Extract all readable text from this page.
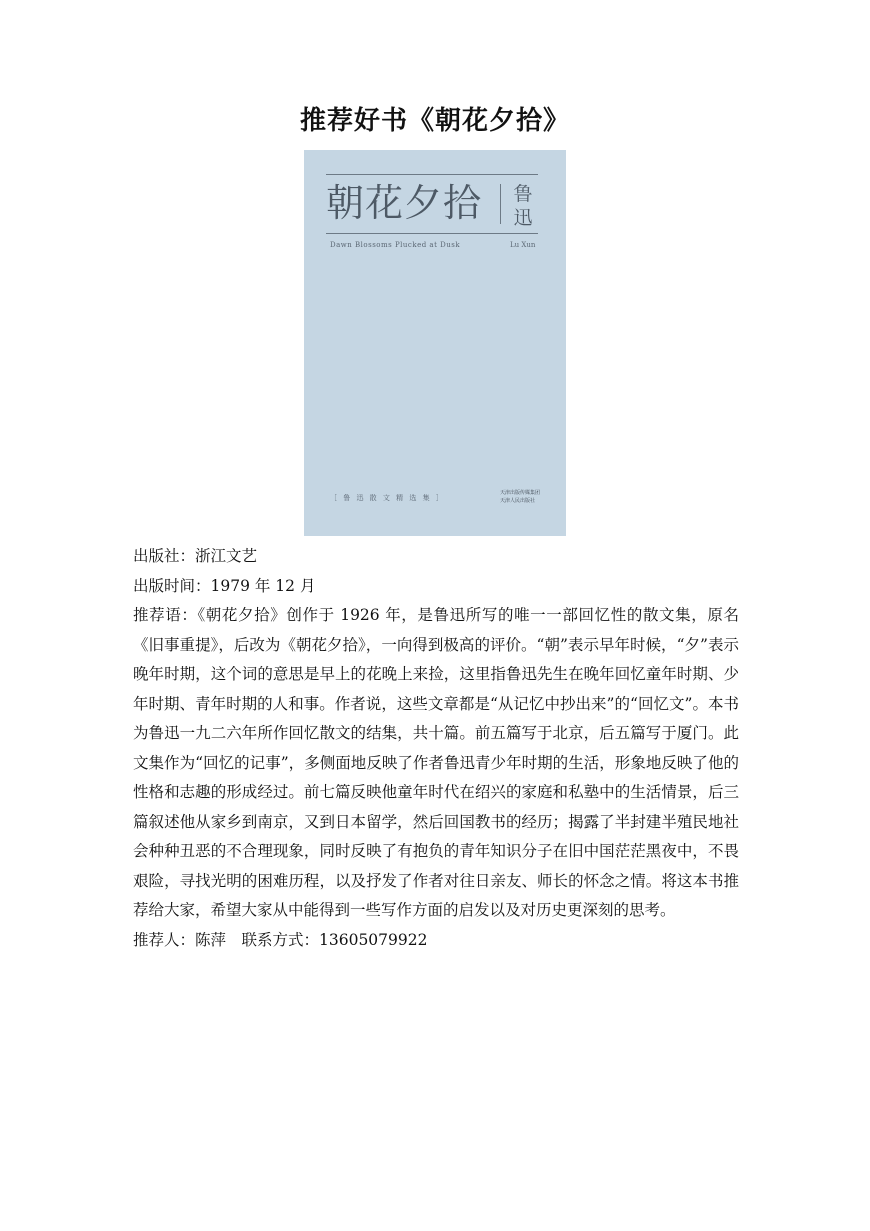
推荐好书《朝花夕拾》
朝花夕拾	鲁迅
Dawn Blossoms Plucked at Dusk	Lu Xun
［ 鲁 迅 散 文 精 选 集 ］
天津出版传媒集团
天津人民出版社
出版社：浙江文艺
出版时间：1979 年 12 月
推荐语：《朝花夕拾》创作于 1926 年，是鲁迅所写的唯一一部回忆性的散文集，原名《旧事重提》，后改为《朝花夕拾》，一向得到极高的评价。“朝”表示早年时候，“夕”表示晚年时期，这个词的意思是早上的花晚上来捡，这里指鲁迅先生在晚年回忆童年时期、少年时期、青年时期的人和事。作者说，这些文章都是“从记忆中抄出来”的“回忆文”。本书为鲁迅一九二六年所作回忆散文的结集，共十篇。前五篇写于北京，后五篇写于厦门。此文集作为“回忆的记事”，多侧面地反映了作者鲁迅青少年时期的生活，形象地反映了他的性格和志趣的形成经过。前七篇反映他童年时代在绍兴的家庭和私塾中的生活情景，后三篇叙述他从家乡到南京，又到日本留学，然后回国教书的经历；揭露了半封建半殖民地社会种种丑恶的不合理现象，同时反映了有抱负的青年知识分子在旧中国茫茫黑夜中，不畏艰险，寻找光明的困难历程，以及抒发了作者对往日亲友、师长的怀念之情。将这本书推荐给大家，希望大家从中能得到一些写作方面的启发以及对历史更深刻的思考。
推荐人：陈萍　联系方式：13605079922
